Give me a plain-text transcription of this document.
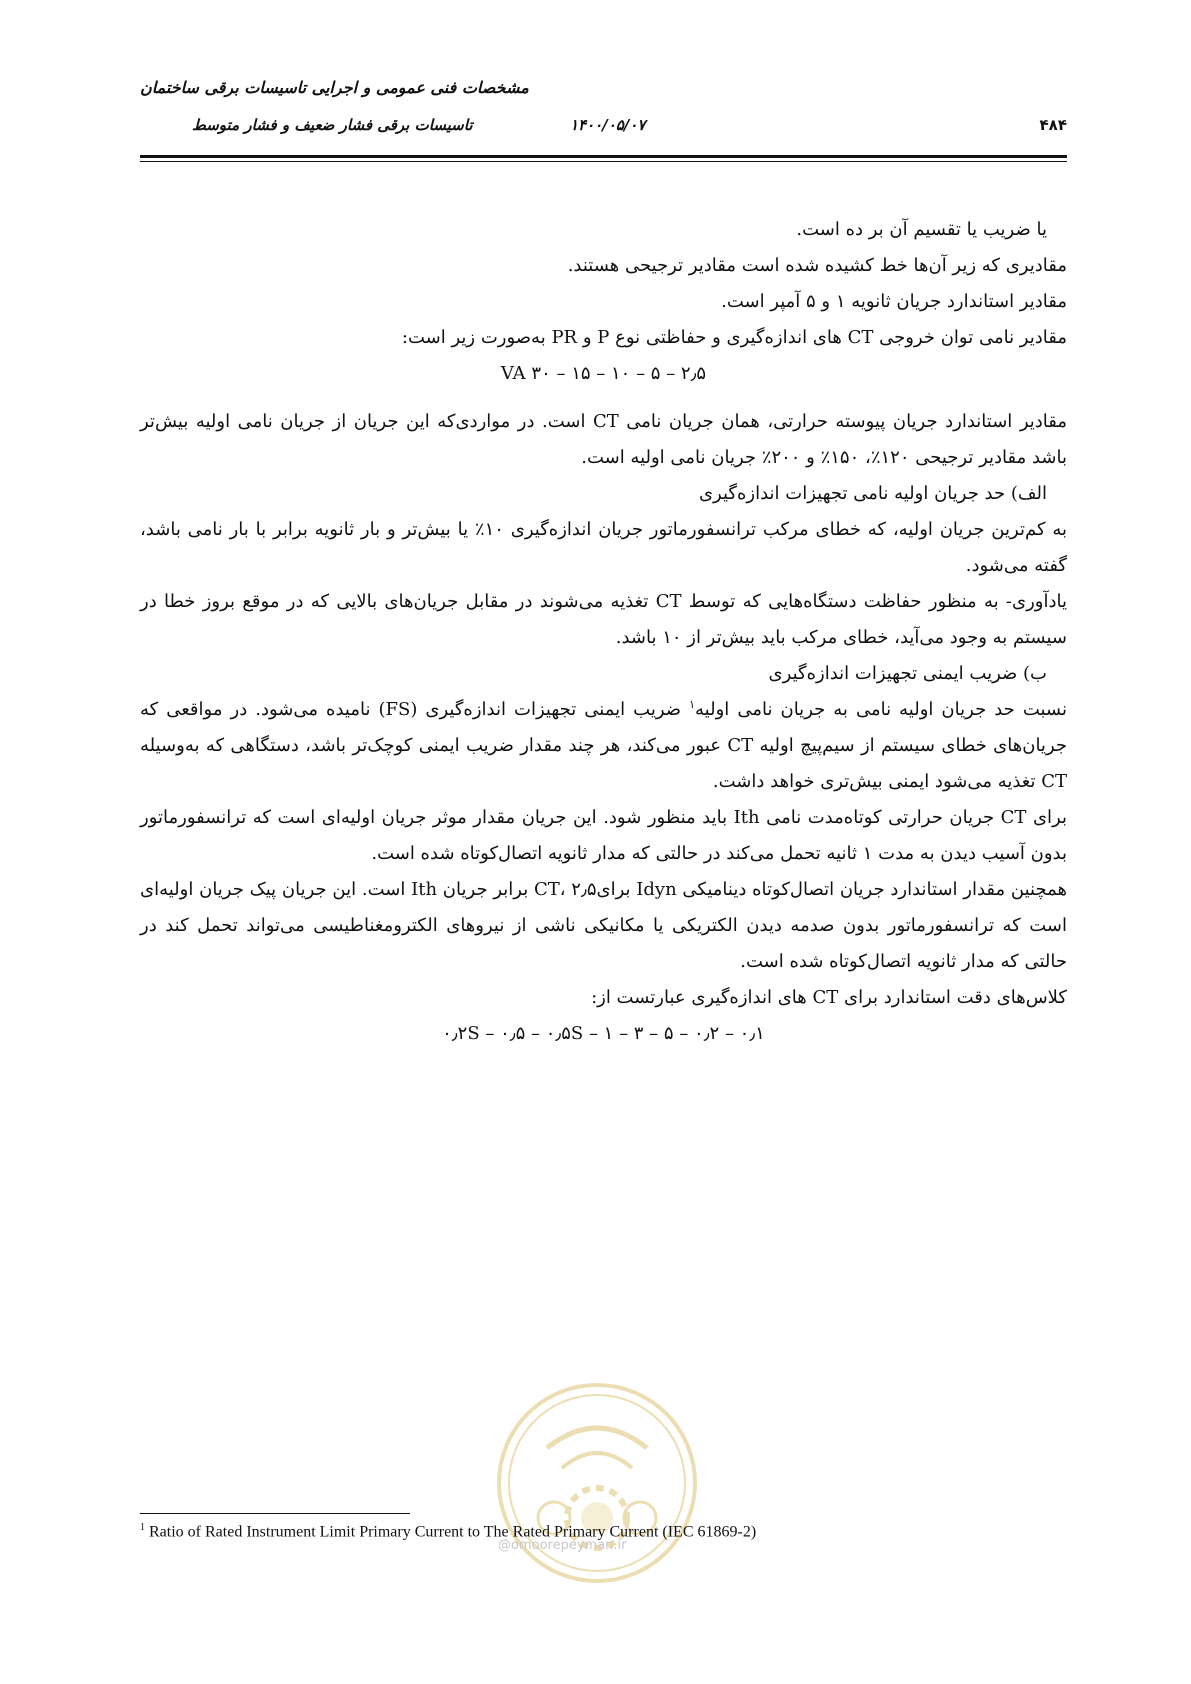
مشخصات فنی عمومی و اجرایی تاسیسات برقی ساختمان
تاسیسات برقی فشار ضعیف و فشار متوسط	۱۴۰۰/۰۵/۰۷	۴۸۴

یا ضریب یا تقسیم آن بر ده است.

مقادیری که زیر آن‌ها خط کشیده شده است مقادیر ترجیحی هستند.

مقادیر استاندارد جریان ثانویه ۱ و ۵ آمپر است.

مقادیر نامی توان خروجی CT های اندازه‌گیری و حفاظتی نوع P و PR به‌صورت زیر است:

۲٫۵ – ۵ – ۱۰ – ۱۵ – ۳۰ VA

مقادیر استاندارد جریان پیوسته حرارتی، همان جریان نامی CT است. در مواردی‌که این جریان از جریان نامی اولیه بیش‌تر باشد مقادیر ترجیحی ۱۲۰٪، ۱۵۰٪ و ۲۰۰٪ جریان نامی اولیه است.

الف) حد جریان اولیه نامی تجهیزات اندازه‌گیری

به کم‌ترین جریان اولیه، که خطای مرکب ترانسفورماتور جریان اندازه‌گیری ۱۰٪ یا بیش‌تر و بار ثانویه برابر با بار نامی باشد، گفته می‌شود.

یادآوری- به منظور حفاظت دستگاه‌هایی که توسط CT تغذیه می‌شوند در مقابل جریان‌های بالایی که در موقع بروز خطا در سیستم به وجود می‌آید، خطای مرکب باید بیش‌تر از ۱۰ باشد.

ب) ضریب ایمنی تجهیزات اندازه‌گیری

نسبت حد جریان اولیه نامی به جریان نامی اولیه$^۱$ ضریب ایمنی تجهیزات اندازه‌گیری (FS) نامیده می‌شود. در مواقعی که جریان‌های خطای سیستم از سیم‌پیچ اولیه CT عبور می‌کند، هر چند مقدار ضریب ایمنی کوچک‌تر باشد، دستگاهی که به‌وسیله CT تغذیه می‌شود ایمنی بیش‌تری خواهد داشت.

برای CT جریان حرارتی کوتاه‌مدت نامی Ith باید منظور شود. این جریان مقدار موثر جریان اولیه‌ای است که ترانسفورماتور بدون آسیب دیدن به مدت ۱ ثانیه تحمل می‌کند در حالتی که مدار ثانویه اتصال‌کوتاه شده است.

همچنین مقدار استاندارد جریان اتصال‌کوتاه دینامیکی Idyn برایCT، ۲٫۵ برابر جریان Ith است. این جریان پیک جریان اولیه‌ای است که ترانسفورماتور بدون صدمه دیدن الکتریکی یا مکانیکی ناشی از نیروهای الکترومغناطیسی می‌تواند تحمل کند در حالتی که مدار ثانویه اتصال‌کوتاه شده است.

کلاس‌های دقت استاندارد برای CT های اندازه‌گیری عبارتست از:

۰٫۱ – ۰٫۲ – ۰٫۲S – ۰٫۵ – ۰٫۵S – ۱ – ۳ – ۵

@omoorepeyman.ir
$^1$ Ratio of Rated Instrument Limit Primary Current to The Rated Primary Current (IEC 61869-2)
